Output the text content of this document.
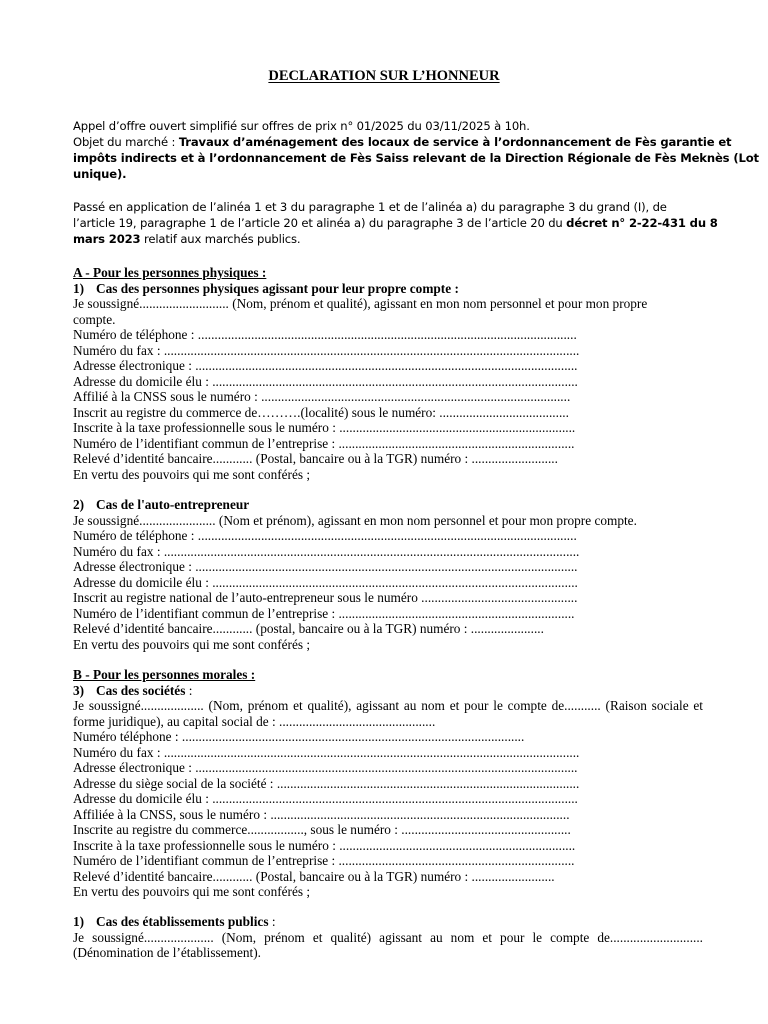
DECLARATION SUR L’HONNEUR
Appel d’offre ouvert simplifié sur offres de prix n° 01/2025 du 03/11/2025 à 10h.
Objet du marché : Travaux d’aménagement des locaux de service à l’ordonnancement de Fès garantie et
impôts indirects et à l’ordonnancement de Fès Saiss relevant de la Direction Régionale de Fès Meknès (Lot
unique).
Passé en application de l’alinéa 1 et 3 du paragraphe 1 et de l’alinéa a) du paragraphe 3 du grand (I), de
l’article 19, paragraphe 1 de l’article 20 et alinéa a) du paragraphe 3 de l’article 20 du décret n° 2-22-431 du 8
mars 2023 relatif aux marchés publics.
A - Pour les personnes physiques :
1) Cas des personnes physiques agissant pour leur propre compte :
Je soussigné........................... (Nom, prénom et qualité), agissant en mon nom personnel et pour mon propre
compte.
Numéro de téléphone : ..................................................................................................................
Numéro du fax : .............................................................................................................................
Adresse électronique : ...................................................................................................................
Adresse du domicile élu : ..............................................................................................................
Affilié à la CNSS sous le numéro : .............................................................................................
Inscrit au registre du commerce de……….(localité) sous le numéro: .......................................
Inscrite à la taxe professionnelle sous le numéro : .......................................................................
Numéro de l’identifiant commun de l’entreprise : .......................................................................
Relevé d’identité bancaire............ (Postal, bancaire ou à la TGR) numéro : ..........................
En vertu des pouvoirs qui me sont conférés ;
2) Cas de l'auto-entrepreneur
Je soussigné....................... (Nom et prénom), agissant en mon nom personnel et pour mon propre compte.
Numéro de téléphone : ..................................................................................................................
Numéro du fax : .............................................................................................................................
Adresse électronique : ...................................................................................................................
Adresse du domicile élu : ..............................................................................................................
Inscrit au registre national de l’auto-entrepreneur sous le numéro ...............................................
Numéro de l’identifiant commun de l’entreprise : .......................................................................
Relevé d’identité bancaire............ (postal, bancaire ou à la TGR) numéro : ......................
En vertu des pouvoirs qui me sont conférés ;
B - Pour les personnes morales :
3) Cas des sociétés :
Je soussigné................... (Nom, prénom et qualité), agissant au nom et pour le compte de........... (Raison sociale et forme juridique), au capital social de : ...............................................
Numéro téléphone : .......................................................................................................
Numéro du fax : .............................................................................................................................
Adresse électronique : ...................................................................................................................
Adresse du siège social de la société : ...........................................................................................
Adresse du domicile élu : ..............................................................................................................
Affiliée à la CNSS, sous le numéro : ..........................................................................................
Inscrite au registre du commerce................., sous le numéro : ...................................................
Inscrite à la taxe professionnelle sous le numéro : .......................................................................
Numéro de l’identifiant commun de l’entreprise : .......................................................................
Relevé d’identité bancaire............ (Postal, bancaire ou à la TGR) numéro : .........................
En vertu des pouvoirs qui me sont conférés ;
1) Cas des établissements publics :
Je soussigné..................... (Nom, prénom et qualité) agissant au nom et pour le compte de............................ (Dénomination de l’établissement).
